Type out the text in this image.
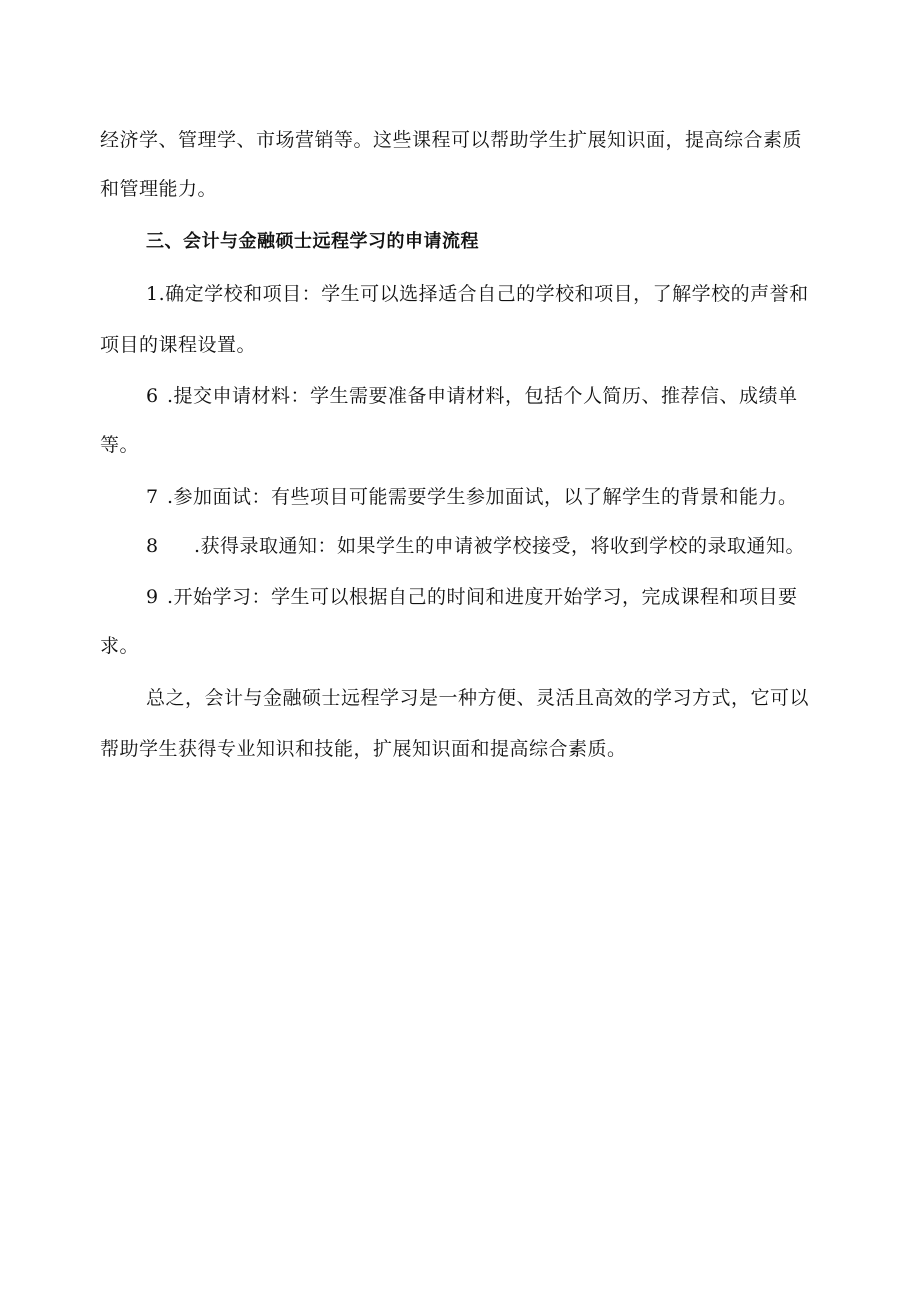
经济学、管理学、市场营销等。这些课程可以帮助学生扩展知识面，提高综合素质

和管理能力。

三、会计与金融硕士远程学习的申请流程

1.确定学校和项目：学生可以选择适合自己的学校和项目，了解学校的声誉和

项目的课程设置。

6 .提交申请材料：学生需要准备申请材料，包括个人简历、推荐信、成绩单

等。

7 .参加面试：有些项目可能需要学生参加面试，以了解学生的背景和能力。

8 .获得录取通知：如果学生的申请被学校接受，将收到学校的录取通知。

9 .开始学习：学生可以根据自己的时间和进度开始学习，完成课程和项目要

求。

总之，会计与金融硕士远程学习是一种方便、灵活且高效的学习方式，它可以

帮助学生获得专业知识和技能，扩展知识面和提高综合素质。
